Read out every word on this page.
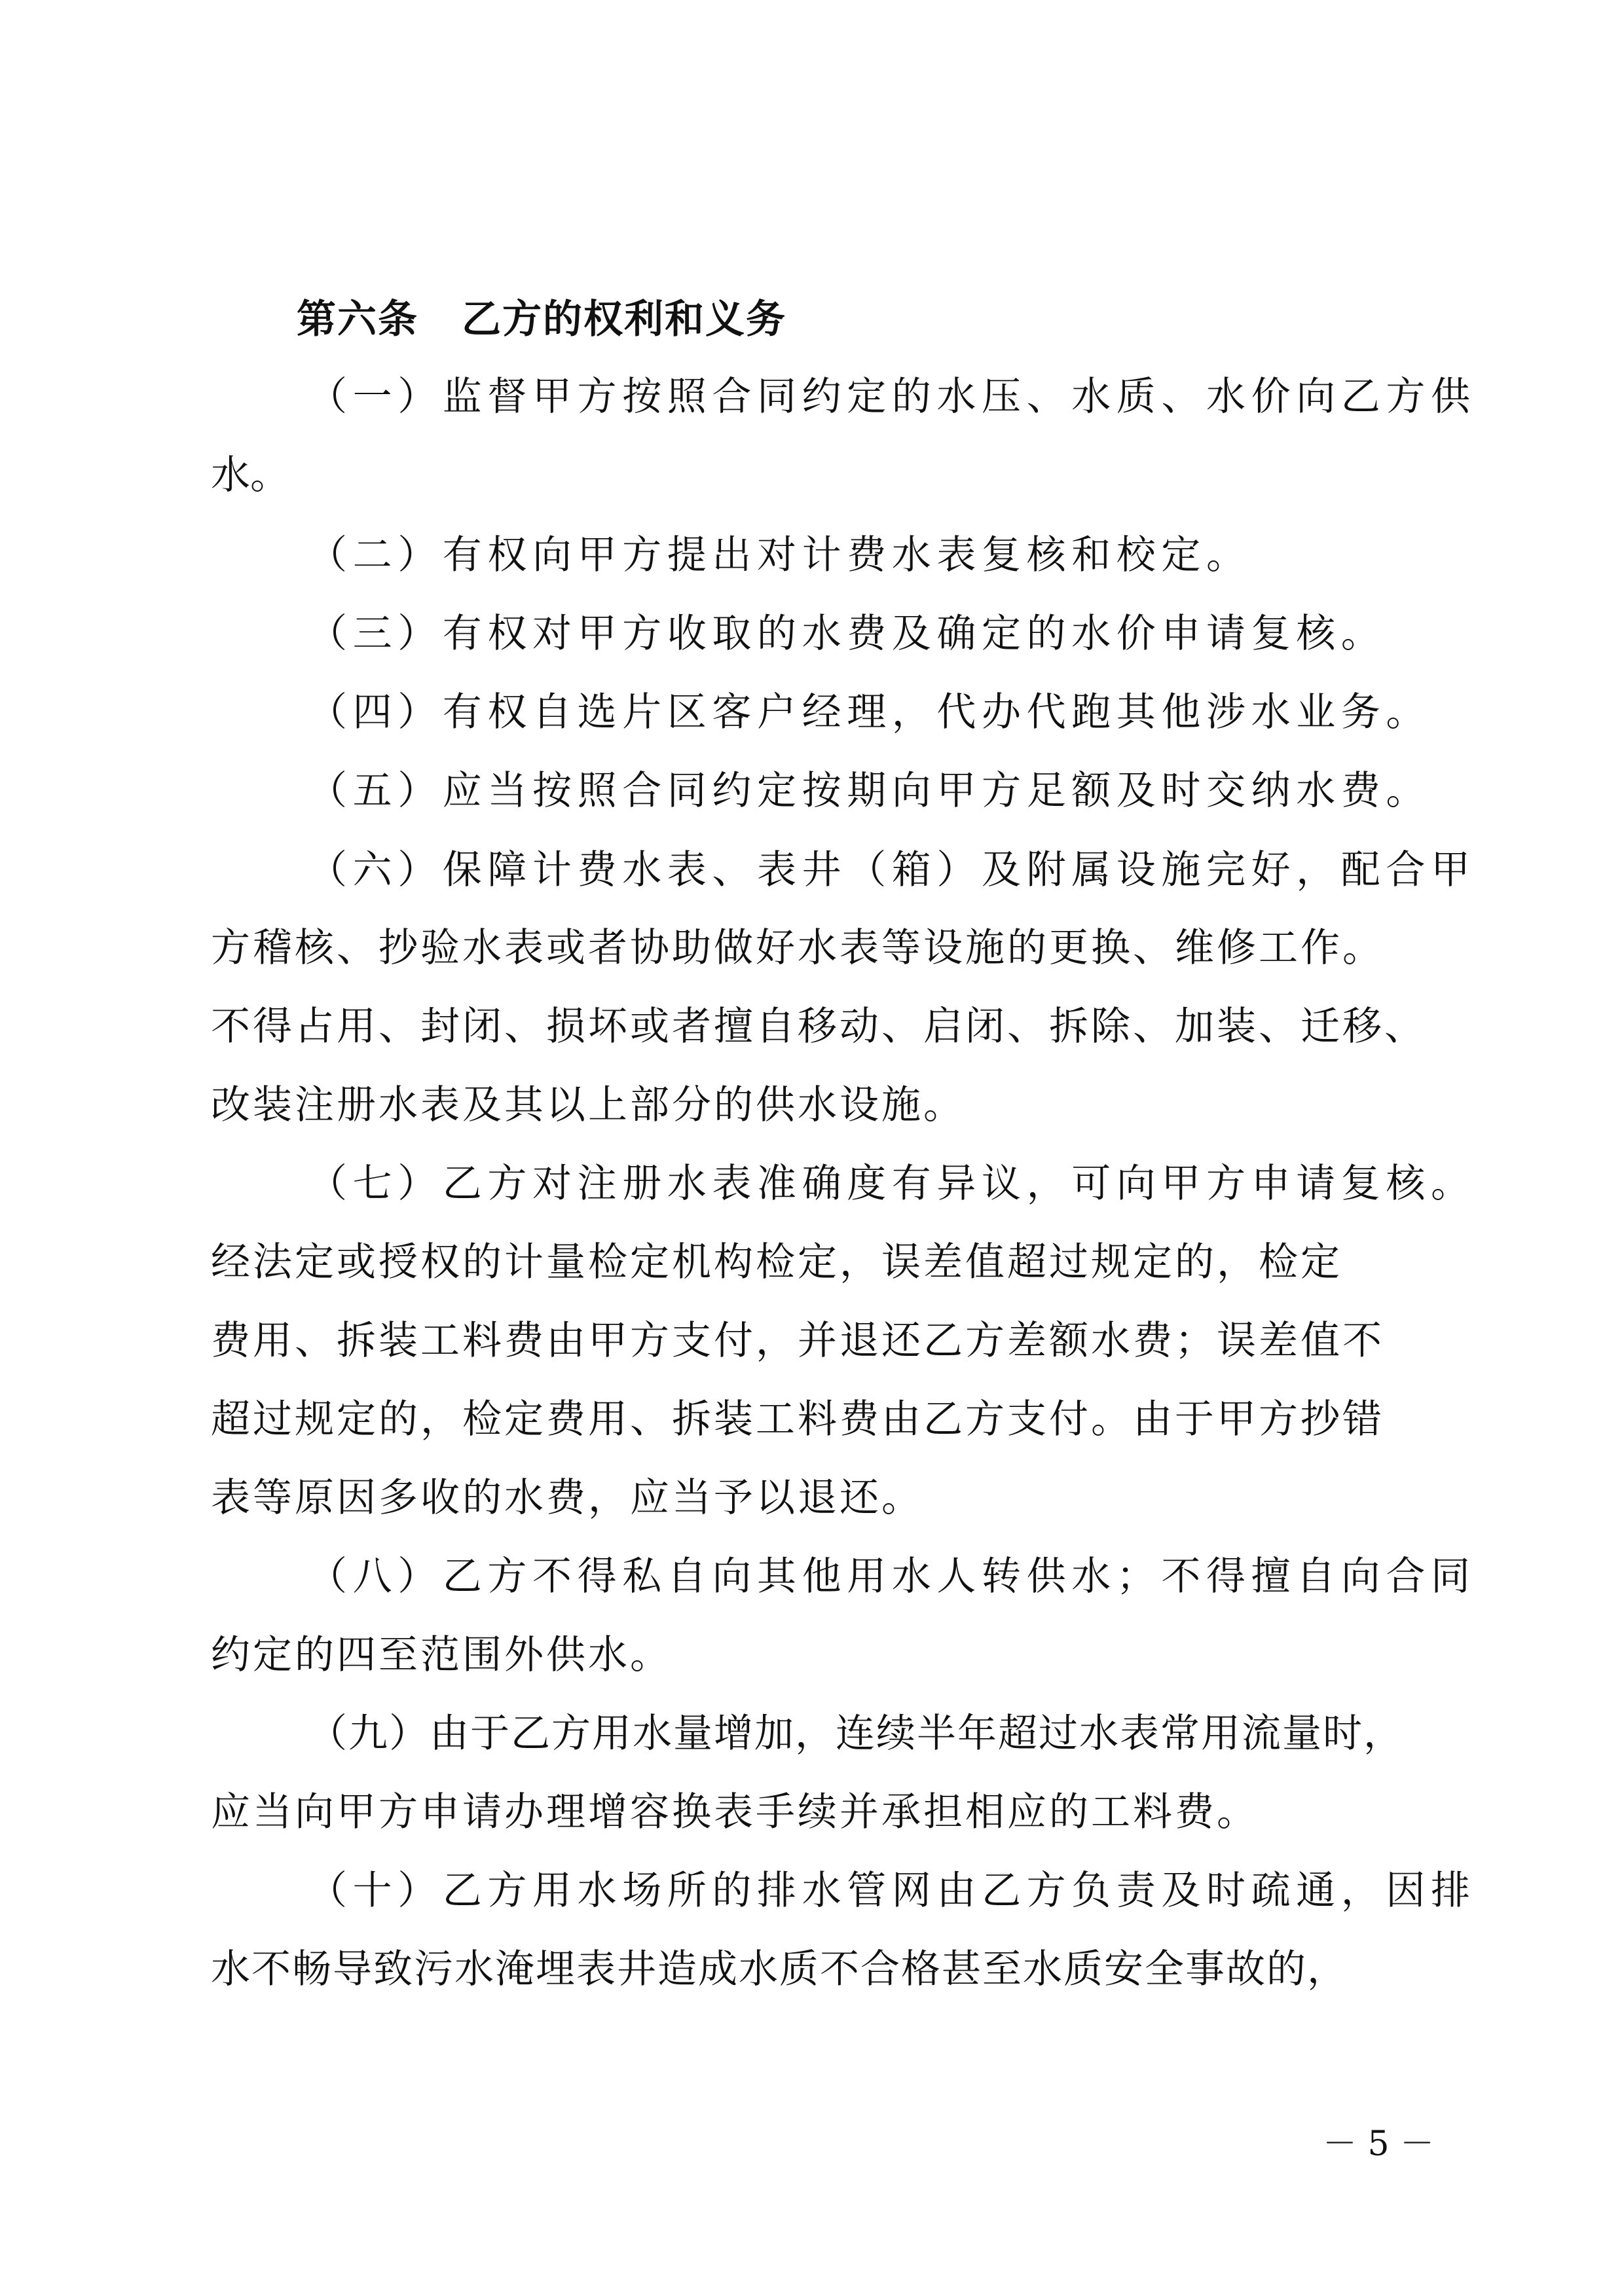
第六条 乙方的权利和义务
（一）监督甲方按照合同约定的水压、水质、水价向乙方供
水。
（二）有权向甲方提出对计费水表复核和校定。
（三）有权对甲方收取的水费及确定的水价申请复核。
（四）有权自选片区客户经理，代办代跑其他涉水业务。
（五）应当按照合同约定按期向甲方足额及时交纳水费。
（六）保障计费水表、表井（箱）及附属设施完好，配合甲
方稽核、抄验水表或者协助做好水表等设施的更换、维修工作。
不得占用、封闭、损坏或者擅自移动、启闭、拆除、加装、迁移、
改装注册水表及其以上部分的供水设施。
（七）乙方对注册水表准确度有异议，可向甲方申请复核。
经法定或授权的计量检定机构检定，误差值超过规定的，检定
费用、拆装工料费由甲方支付，并退还乙方差额水费；误差值不
超过规定的，检定费用、拆装工料费由乙方支付。由于甲方抄错
表等原因多收的水费，应当予以退还。
（八）乙方不得私自向其他用水人转供水；不得擅自向合同
约定的四至范围外供水。
（九）由于乙方用水量增加，连续半年超过水表常用流量时，
应当向甲方申请办理增容换表手续并承担相应的工料费。
（十）乙方用水场所的排水管网由乙方负责及时疏通，因排
水不畅导致污水淹埋表井造成水质不合格甚至水质安全事故的，
－ 5 －
